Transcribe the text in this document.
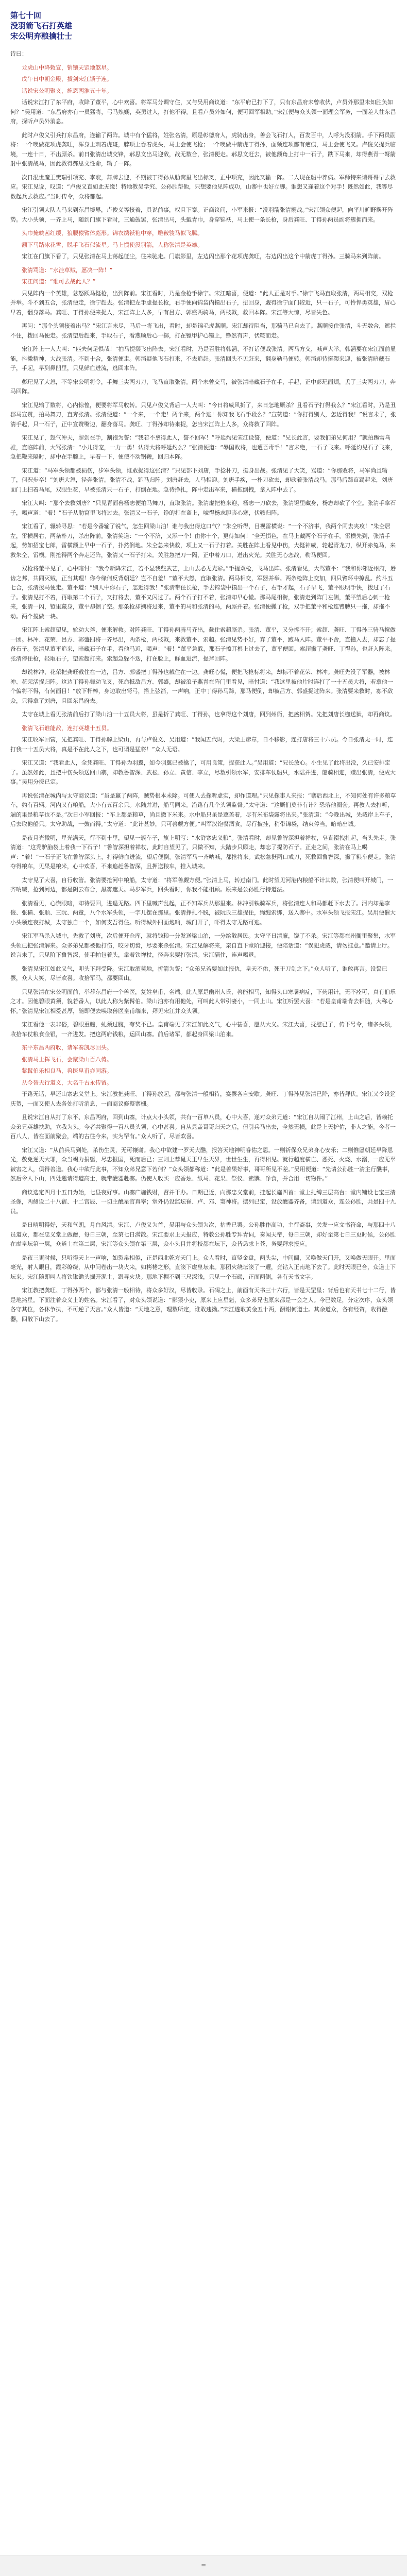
第七十回
没羽箭飞石打英雄
宋公明弃粮擒壮士

诗曰：

龙虎山中降敕宣，销镶天罡地煞星。

戊午日中朝金殿，拔剑宋江锁子连。

话说宋公明聚义，施恩两淮五十年。

话说宋江打了东平府，收降了董平，心中欢喜。将军马分调守住，又与吴用商议道：“东平府已打下了，只有东昌府未曾收伏，卢员外那里未知胜负如何？”吴用道：“东昌府亦有一员猛将，弓马熟娴，英勇过人，打他不得。且看卢员外如何，便可回军相助。”宋江便与众头领一面理会军务，一面差人往东昌府，探听卢员外消息。

此时卢俊义引兵打东昌府，连输了两阵。城中有个猛将，姓张名清，原是彰德府人，虎骑出身，善会飞石打人，百发百中，人呼为没羽箭。手下两员副将：一个唤做花项虎龚旺，浑身上刺着虎斑，脖项上吞着虎头，马上会使飞枪；一个唤做中箭虎丁得孙，面颊连项都有疤痕，马上会使飞叉。卢俊义提兵临境，一连十日，不出厮杀。前日张清出城交锋，郝思文出马迎敌，战无数合，张清便走。郝思文赶去，被他额角上打中一石子，跌下马来，却得燕青一弩箭射中张清战马，因此救得郝思文性命，输了一阵。

次日混世魔王樊瑞引项充、李衮，舞牌去迎，不期被丁得孙从肋窝里飞出标叉，正中项充，因此又输一阵。二人现在船中养病。军师特来请哥哥早去救应。宋江见说，叹道：“卢俊义直如此无缘！特地教吴学究、公孙胜帮他，只想要他见阵成功，山寨中也好立脚。谁想又逢着这个对手！既然如此，我等尽数起兵去救应。”当时传令，众将都起。

宋江引领大队人马来到东昌境界，卢俊义等接着，具说前事，权且下寨。正商议间，小军来报：“没羽箭张清搦战。”宋江领众便起，向平川旷野摆开阵势。大小头领，一齐上马，随到门旗下看时，三通鼓罢，张清出马，头戴青巾，身穿锦袄，马上使一条长枪，身后龚旺、丁得孙两员副将簇拥而来。

头巾掩映茜红缨，狼腰猿臂体彪形。锦衣绣袄袍中穿，雕鞍骏马似飞腾。

额下马踏冰花雪，脱手飞石似流星。马上惯使没羽箭，人称张清是英雄。

宋江在门旗下看了，只见张清在马上荡起征尘，往来驰走。门旗影里，左边闪出那个花项虎龚旺，右边闪出这个中箭虎丁得孙。三骑马来到阵前。

张清骂道：“水洼草贼，愿决一阵！”

宋江问道：“谁可去战此人？”

只见阵内一个英雄，忿怒跃马挺枪，出到阵前。宋江看时，乃是金枪手徐宁。宋江暗喜，便道：“此人正是对手。”徐宁飞马直取张清，两马相交，双枪并举。斗不到五合，张清便走，徐宁赶去。张清把左手虚提长枪，右手便向锦袋内摸出石子，扭回身，觑得徐宁面门较近，只一石子，可怜悍勇英雄，眉心早着，翻身落马。龚旺、丁得孙便来捉人，宋江阵上人多，早有吕方、郭盛两骑马，两枝戟，救回本阵。宋江等大惊，尽皆失色。

再问：“那个头领接着出马？”宋江言未尽，马后一将飞出，看时，却是锦毛虎燕顺。宋江却待阻当，那骑马已自去了。燕顺接住张清，斗无数合，遮拦不住，拨回马便走。张清望后赶来，手取石子，看燕顺后心一掷，打在镗甲护心镜上，铮然有声，伏鞍而走。

宋江阵上一人大叫：“匹夫何足惧哉！”拍马提槊飞出阵去。宋江看时，乃是百胜将韩滔，不打话便战张清。两马方交，喊声大举。韩滔要在宋江面前显能，抖擞精神，大战张清。不到十合，张清便走。韩滔疑他飞石打来，不去追赶。张清回头不见赶来，翻身勒马便转。韩滔却待挺槊来迎，被张清暗藏石子，手起，早到鼻凹里，只见鲜血迸流，逃回本阵。

彭玘见了大怒，不等宋公明将令，手舞三尖两刃刀，飞马直取张清。两个未曾交马，被张清暗藏石子在手，手起，正中彭玘面颊，丢了三尖两刃刀，奔马回阵。

宋江见输了数将，心内惊惶，便要将军马收转。只见卢俊义背后一人大叫：“今日将威风折了，来日怎地厮杀？且看石子打得我么？”宋江看时，乃是丑郡马宣赞，拍马舞刀，直奔张清。张清便道：“一个来，一个走！两个来，两个逃！你知我飞石手段么？”宣赞道：“你打得别人，怎近得我！”说言未了，张清手起，只一石子，正中宣赞嘴边，翻身落马。龚旺、丁得孙却待来捉，怎当宋江阵上人多，众将救了回阵。

宋江见了，怒气冲天，掣剑在手，割袍为誓：“我若不拿得此人，誓不回军！”呼延灼见宋江设誓，便道：“兄长此言，要我们弟兄何用？”就拍踢雪乌骓，直临阵前，大骂张清：“小儿得宠，一力一勇！认得大将呼延灼么？”张清便道：“辱国败将，也遭吾毒手！”言未绝，一石子飞来。呼延灼见石子飞来，急把鞭来隔时，却中在手腕上，早着一下，便使不动钢鞭，回归本阵。

宋江道：“马军头领都被损伤，步军头领，谁敢捉得这张清？”只见部下刘唐，手捻朴刀，挺身出战。张清见了大笑，骂道：“你那败将，马军尚且输了，何况步卒！”刘唐大怒，径奔张清。张清不战，跑马归阵。刘唐赶去，人马相迎。刘唐手疾，一朴刀砍去，却砍着张清战马。那马后蹄直踢起来，刘唐面门上扫着马尾，双眼生花，早被张清只一石子，打倒在地。急待挣扎，阵中走出军来，横拖倒拽，拿入阵中去了。

宋江大叫：“那个去救刘唐？”只见青面兽杨志便拍马舞刀，直取张清。张清虚把枪来迎，杨志一刀砍去，张清镫里藏身，杨志却砍了个空。张清手拿石子，喝声道：“着！”石子从肋窝里飞将过去。张清又一石子，铮的打在盔上，唬得杨志胆丧心寒，伏鞍归阵。

宋江看了，辗转寻思：“若是今番输了锐气，怎生回梁山泊！谁与我出得这口气？”朱仝听得，目视雷横说：“一个不济事，我两个同去夹攻！”朱仝居左，雷横居右，两条朴刀，杀出阵前。张清笑道：“一个不济，又添一个！由你十个，更待如何！”全无惧色，在马上藏两个石子在手。雷横先到，张清手起，势如招宝七郎，雷横额上早中一石子，扑然倒地。朱仝急来快救，项上又一石子打着。关胜在阵上看见中伤，大挺神威，轮起青龙刀，纵开赤兔马，来救朱仝、雷横。刚抢得两个奔走还阵，张清又一石子打来。关胜急把刀一隔，正中着刀口，迸出火光。关胜无心恋战，勒马便回。

双枪将董平见了，心中暗忖：“我今新降宋江，若不显我些武艺，上山去必无光彩。”手提双枪，飞马出阵。张清看见，大骂董平：“我和你邻近州府，唇齿之邦，共同灭贼，正当其理！你今缘何反背朝廷？岂不自羞！”董平大怒，直取张清。两马相交，军器并举。两条枪阵上交加，四只臂环中撩乱。约斗五七合，张清拨马便走。董平道：“别人中你石子，怎近得我！”张清带住长枪，手去锦袋中摸出一个石子，右手才起，石子早飞，董平眼明手快，拨过了石子。张清见打不着，再取第二个石子，又打将去，董平又闪过了。两个石子打不着，张清却早心慌。那马尾相衔，张清走到阵门左侧，董平望后心刺一枪来，张清一闪，镫里藏身，董平却搠了空。那条枪却搠将过来，董平的马和张清的马，两厮并着。张清便撇了枪，双手把董平和枪连臂膊只一拖，却拖不动。两个搅做一块。

宋江阵上索超望见，轮动大斧，便来解救。对阵龚旺、丁得孙两骑马齐出，截住索超厮杀。张清、董平，又分拆不开；索超、龚旺、丁得孙三骑马搅做一团。林冲、花荣、吕方、郭盛四将一齐尽出，两条枪，两枝戟，来救董平、索超。张清见势不好，弃了董平，跑马入阵。董平不舍，直撞入去，却忘了提备石子。张清见董平追来，暗藏石子在手，看他马近，喝声：“着！”董平急躲，那石子擦耳根上过去了，董平便回。索超撇了龚旺、丁得孙，也赶入阵来。张清停住枪，轻取石子，望索超打来。索超急躲不迭，打在脸上，鲜血迸流，提斧回阵。

却说林冲、花荣把龚旺截住在一边，吕方、郭盛把丁得孙也截住在一边。龚旺心慌，便把飞枪标将来，却标不着花荣、林冲。龚旺先没了军器，被林冲、花荣活捉归阵。这边丁得孙舞动飞叉，死命抵敌吕方、郭盛，却被浪子燕青在阵门里看见，暗忖道：“我这里被他片时连打了一十五员大将，若拿他一个偏将不得，有何面目！”放下杆棒，身边取出弩弓，搭上弦箭，一声响，正中丁得孙马蹄，那马便倒，却被吕方、郭盛捉过阵来。张清要来救时，寡不敌众，只得拿了刘唐，且回东昌府去。

太守在城上看见张清前后打了梁山泊一十五员大将，虽是折了龚旺、丁得孙，也拿得这个刘唐，回到州衙，把盏相贺。先把刘唐长枷送狱，却再商议。

张清飞石谁能敌，连打英雄十五员。

宋江收军回营，先把龚旺、丁得孙解上梁山，再与卢俊义、吴用道：“我闻五代时，大梁王彦章，日不移影，连打唐将三十六员。今日张清无一时，连打我一十五员大将，真是不在此人之下，也可谓是猛将！”众人无语。

宋江又道：“我看此人，全凭龚旺、丁得孙为羽翼，如今羽翼已被擒了，可用良策，捉获此人。”吴用道：“兄长放心。小生见了此将出没，久已安排定了。虽然如此，且把中伤头领送回山寨，却教鲁智深、武松、孙立、黄信、李立，尽数引领水军，安排车仗船只，水陆并进，船骑相迎，赚出张清，便成大事。”吴用分拨已定。

再说张清在城内与太守商议道：“虽是赢了两阵，贼势根本未除。可使人去探听虚实，却作道理。”只见探事人来报：“寨后西北上，不知何处有许多粮草车，约有百辆。河内又有粮船，大小有五百余只。水陆并进，船马同来。沿路有几个头领监督。”太守道：“这厮们莫非有计？恐落他圈套。再教人去打听，端的果是粮草也不是。”次日小军回报：“车上都是粮草，尚且撒下米来。水中船只虽是遮盖着，尽有米布袋露将出来。”张清道：“今晚出城，先截岸上车子，后去取他船只。太守助战，一鼓而得。”太守道：“此计甚妙，只可善觑方便。”叫军汉饱餐酒食，尽行披挂，稍带锦袋，结束停当，暗暗出城。

是夜月光微明，星光满天，行不到十里，望见一簇车子，旗上明写：“水浒寨忠义粮”。张清看时，却见鲁智深担着禅杖，皂直裰拽扎起，当头先走。张清道：“这秃驴脑袋上着我一下石子！”鲁智深担着禅杖，此时自望见了，只做不知，大踏步只顾走，却忘了提防石子。正走之间，张清在马上喝声：“着！”一石子正飞在鲁智深头上，打得鲜血迸流，望后便倒。张清军马一齐呐喊，都抢将来。武松急挺两口戒刀，死救回鲁智深，撇了粮车便走。张清夺得粮车，见果是粮米，心中欢喜，不来追赶鲁智深，且押送粮车，推入城来。

太守见了大喜，自行收管。张清要抢河中粮船，太守道：“将军善觑方便。”张清上马，转过南门。此时望见河港内粮船不计其数，张清便叫开城门，一齐呐喊，抢到河边，都是阴云布合，黑雾遮天。马步军兵，回头看时，你我不能相顾。原来是公孙胜行持道法。

张清看见，心慌眼暗，却待要回，进退无路。四下里喊声乱起，正不知军兵从那里来。林冲引铁骑军兵，将张清连人和马都赶下水去了。河内却是李俊、张横、张顺、三阮、两童，八个水军头领，一字儿摆在那里。张清挣扎不脱，被阮氏三雄捉住，绳缠索绑，送入寨中。水军头领飞报宋江。吴用便催大小头领连夜打城，太守独自一个，如何支吾得住。听得城外四面炮响，城门开了，吓得太守无路可逃。

宋江军马杀入城中，先救了刘唐，次后便开仓库，就将钱粮一分发送梁山泊，一分给散居民。太守平日清廉，饶了不杀。宋江等都在州衙里聚集，水军头领已把张清解来。众多弟兄都被他打伤，咬牙切齿，尽要来杀张清。宋江见解将来，亲自直下堂阶迎接，便陪话道：“误犯虎威，请勿挂意。”邀请上厅。说言未了，只见阶下鲁智深，使手帕包着头，拿着铁禅杖，径奔来要打张清。宋江隔住，连声喝退。

张清见宋江如此义气，叩头下拜受降。宋江取酒奠地，折箭为誓：“众弟兄若要如此报仇，皇天不佑，死于刀剑之下。”众人听了，谁敢再言。设誓已罢，众人大笑，尽皆欢喜。收拾军马，都要回山。

只见张清在宋公明面前，举荐东昌府一个兽医，复姓皇甫，名端。此人原是幽州人氏，善能相马，知得头口寒暑病症，下药用针，无不痊可，真有伯乐之才。因他碧眼黄须，貌若番人，以此人称为紫髯伯。梁山泊亦有用他处，可叫此人带引妻小，一同上山。宋江听罢大喜：“若是皇甫端肯去相随，大称心怀。”张清见宋江相爱甚厚，随即便去唤取兽医皇甫端来，拜见宋江并众头领。

宋江看他一表非俗，碧眼重瞳，虬须过腹，夸奖不已。皇甫端见了宋江如此义气，心中甚喜，愿从大义。宋江大喜，抚慰已了，传下号令，诸多头领，收拾车仗粮食金银，一齐进发。把这两府钱粮，运回山寨。前后诸军，都起身回梁山泊来。

东平东昌两府收，诸军奏凯尽回头。

张清马上挥飞石，会聚梁山百八俦。

紫髯伯乐相良马，兽医皇甫亦同游。

从今替天行道义，大名千古永传留。

于路无话，早还山寨忠义堂上。宋江教把龚旺、丁得孙放起，都与张清一般相待，宴罢各自安歇。龚旺、丁得孙见张清已降，亦皆拜伏。宋江又令设筵庆贺，一面又使人去各处打听消息，一面商议修整寨栅。

且说宋江自从打了东平、东昌两府，回到山寨，计点大小头领，共有一百单八员，心中大喜，遂对众弟兄道：“宋江自从闹了江州，上山之后，皆赖托众弟兄英雄扶助，立我为头。今者共聚得一百八员头领，心中甚喜。自从晁盖哥哥归天之后，但引兵马出去，全然无损，此是上天护佑，非人之能。今者一百八人，皆在面前聚会，端的古往今来，实为罕有。”众人听了，尽皆欢喜。

宋江又道：“从前兵马到处，杀伤生灵，无可禳谢。我心中欲建一罗天大醮，报答天地神明眷佑之恩。一则祈保众兄弟身心安乐；二则惟愿朝廷早降恩光，赦免逆天大罪，众当竭力捐躯，尽忠报国，死而后已；三则上荐晁天王早生天界，世世生生，再得相见。就行超度横亡、恶死、火烧、水溺，一应无辜被害之人，俱得善道。我心中欲行此事，不知众弟兄意下若何？”众头领都称道：“此是善果好事，哥哥所见不差。”吴用便道：“先请公孙胜一清主行醮事，然后令人下山，四处邀请得道高士，就带醮器赴寨。仍使人收买一应香烛、纸马、花果、祭仪、素馔、净食，并合用一切物件。”

商议选定四月十五日为始，七昼夜好事。山寨广施钱财，督并干办。日期已近，向那忠义堂前，挂起长旛四首；堂上扎缚三层高台；堂内铺设七宝三清圣像，两侧设二十八宿、十二宫辰、一切主醮星官真宰；堂外仍设监坛崔、卢、邓、窦神将。摆列已定，设放醮器齐备，请到道众，连公孙胜，共是四十九员。

是日晴明得好，天和气朗，月白风清。宋江、卢俊义为首，吴用与众头领为次，拈香已罢。公孙胜作高功，主行斋事，关发一应文书符命，与那四十八员道众，都在忠义堂上做醮，每日三朝，至第七日满散。宋江要求上天报应，特教公孙胜专拜青词，奏闻天帝，每日三朝，却好至第七日三更时候，公孙胜在虚皇坛第一层，众道士在第二层，宋江等众头领在第三层，众小头目并将校都在坛下，众皆恳求上苍，务要拜求报应。

是夜三更时候，只听得天上一声响，如裂帛相似，正是西北乾方天门上。众人看时，直竖金盘，两头尖，中间阔，又唤做天门开，又唤做天眼开。里面毫光，射人眼目，霞彩缭绕，从中间卷出一块火来，如栲栳之形，直滚下虚皇坛来。那团火绕坛滚了一遭，竟钻入正南地下去了。此时天眼已合，众道士下坛来。宋江随即叫人将铁锹锄头掘开泥土，跟寻火块。那地下掘不到三尺深浅，只见一个石碣，正面两侧，各有天书文字。

宋江教把龚旺、丁得孙两个，都与张清一般相待，将众多好汉，尽皆收录。石碣之上，前面有天书三十六行，皆是天罡星；背后也有天书七十二行，皆是地煞星。下面注着众义士的姓名。宋江看了，对众头领说道：“鄙猥小吏，原来上应星魁，众多弟兄也原来都是一会之人。今已数足，分定次序，众头领各守其位，各休争执，不可逆了天言。”众人皆道：“天地之意，理数所定，谁敢违拗。”宋江遂取黄金五十两，酬谢何道士。其余道众，各有经资，收得醮器，四散下山去了。

≡
